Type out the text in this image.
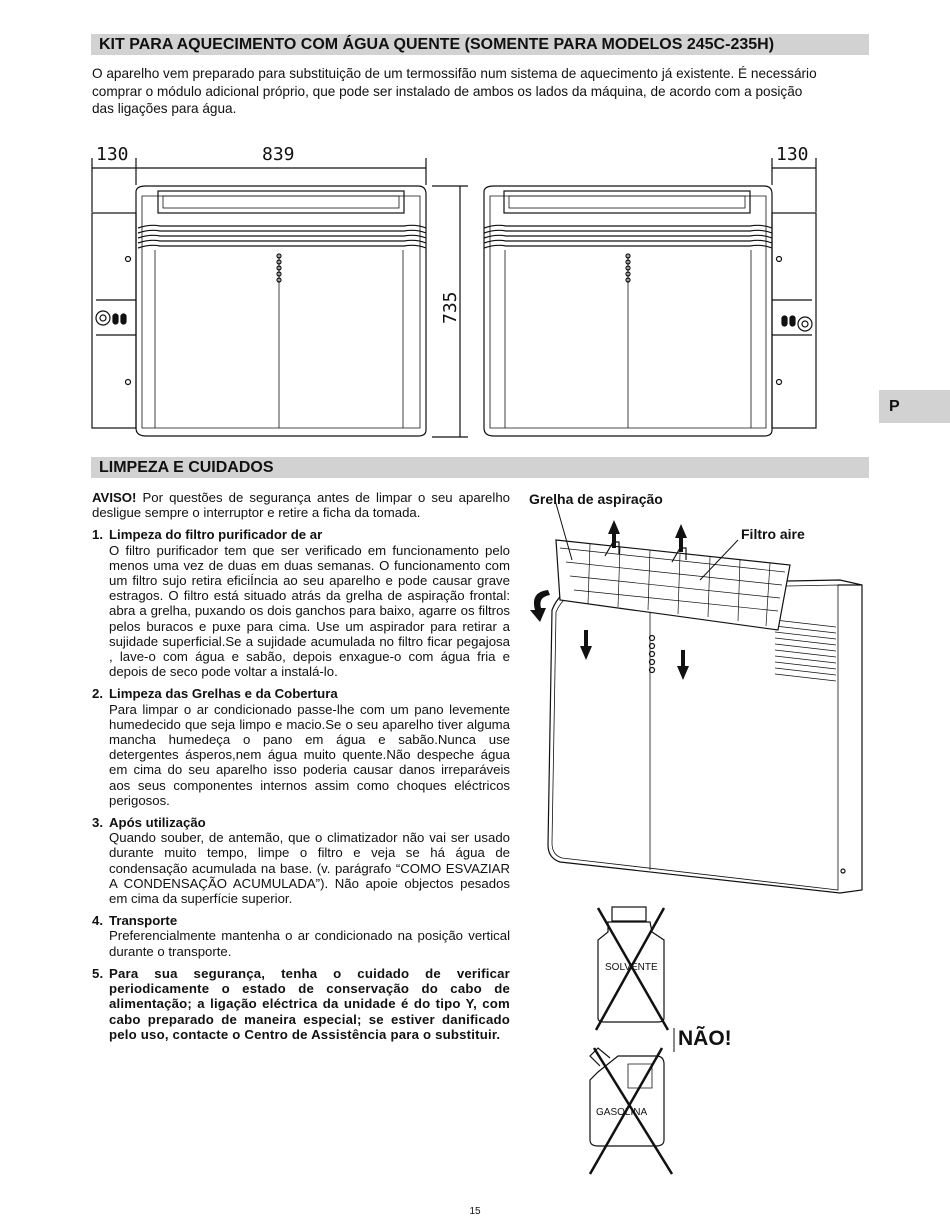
KIT PARA AQUECIMENTO COM ÁGUA QUENTE (SOMENTE PARA MODELOS 245C-235H)
O aparelho vem preparado para substituição de um termossifão num sistema de aquecimento já existente. É necessário
comprar o módulo adicional próprio, que pode ser instalado de ambos os lados da máquina, de acordo com a posição
das ligações para água.
130	839	130
735
SOLVENTE
GASOLINA
Grelha de aspiração
Filtro aire
NÃO!
P
LIMPEZA E CUIDADOS
AVISO! Por questões de segurança antes de limpar o seu aparelho desligue sempre o interruptor e retire a ficha da tomada.
1. Limpeza do filtro purificador de ar
O filtro purificador tem que ser verificado em funcionamento pelo menos uma vez de duas em duas semanas. O funcionamento com um filtro sujo retira eficiÍncia ao seu aparelho e pode causar grave estragos. O filtro está situado atrás da grelha de aspiração frontal: abra a grelha, puxando os dois ganchos para baixo, agarre os filtros pelos buracos e puxe para cima. Use um aspirador para retirar a sujidade superficial.Se a sujidade acumulada no filtro ficar pegajosa , lave-o com água e sabão, depois enxague-o com água fria e depois de seco pode voltar a instalá-lo.
2. Limpeza das Grelhas e da Cobertura
Para limpar o ar condicionado passe-lhe com um pano levemente humedecido que seja limpo e macio.Se o seu aparelho tiver alguma mancha humedeça o pano em água e sabão.Nunca use detergentes ásperos,nem água muito quente.Não despeche água em cima do seu aparelho isso poderia causar danos irreparáveis aos seus componentes internos assim como choques eléctricos perigosos.
3. Após utilização
Quando souber, de antemão, que o climatizador não vai ser usado durante muito tempo, limpe o filtro e veja se há água de condensação acumulada na base. (v. parágrafo “COMO ESVAZIAR A CONDENSAÇÃO ACUMULADA”). Não apoie objectos pesados em cima da superfície superior.
4. Transporte
Preferencialmente mantenha o ar condicionado na posição vertical durante o transporte.
5. Para sua segurança, tenha o cuidado de verificar periodicamente o estado de conservação do cabo de alimentação; a ligação eléctrica da unidade é do tipo Y, com cabo preparado de maneira especial; se estiver danificado pelo uso, contacte o Centro de Assistência para o substituir.
15
